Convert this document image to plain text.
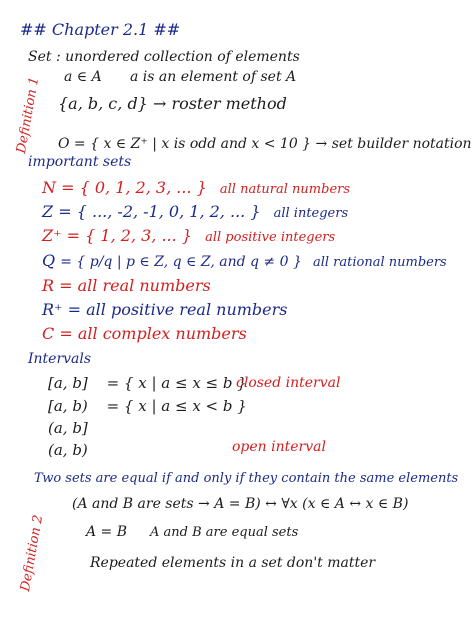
## Chapter 2.1 ##
Set : unordered collection of elements
a ∈ A a is an element of set A
{a, b, c, d} → roster method
O = { x ∈ Z⁺ | x is odd and x < 10 } → set builder notation
Definition 1
important sets
N = { 0, 1, 2, 3, ... } all natural numbers
Z = { ..., -2, -1, 0, 1, 2, ... } all integers
Z⁺ = { 1, 2, 3, ... } all positive integers
Q = { p/q | p ∈ Z, q ∈ Z, and q ≠ 0 } all rational numbers
R = all real numbers
R⁺ = all positive real numbers
C = all complex numbers
Intervals
[a, b] = { x | a ≤ x ≤ b }
closed interval
[a, b) = { x | a ≤ x < b }
(a, b]
(a, b)	open interval
Two sets are equal if and only if they contain the same elements
(A and B are sets → A = B) ↔ ∀x (x ∈ A ↔ x ∈ B)
A = B A and B are equal sets
Repeated elements in a set don't matter
Definition 2
